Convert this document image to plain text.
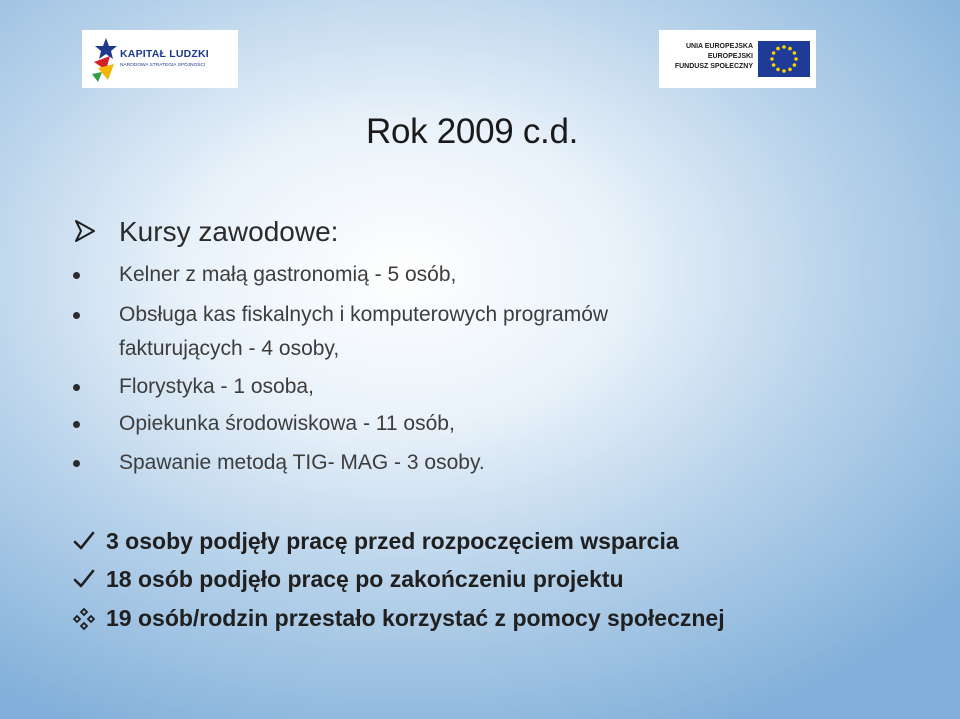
KAPITAŁ LUDZKI
NARODOWA STRATEGIA SPÓJNOŚCI
UNIA EUROPEJSKA
EUROPEJSKI
FUNDUSZ SPOŁECZNY
Rok 2009 c.d.
Kursy zawodowe:
Kelner z małą gastronomią - 5 osób,
Obsługa kas fiskalnych i komputerowych programów
fakturujących - 4 osoby,
Florystyka - 1 osoba,
Opiekunka środowiskowa - 11 osób,
Spawanie metodą TIG- MAG - 3 osoby.
3 osoby podjęły pracę przed rozpoczęciem wsparcia
18 osób podjęło pracę po zakończeniu projektu
19 osób/rodzin przestało korzystać z pomocy społecznej
